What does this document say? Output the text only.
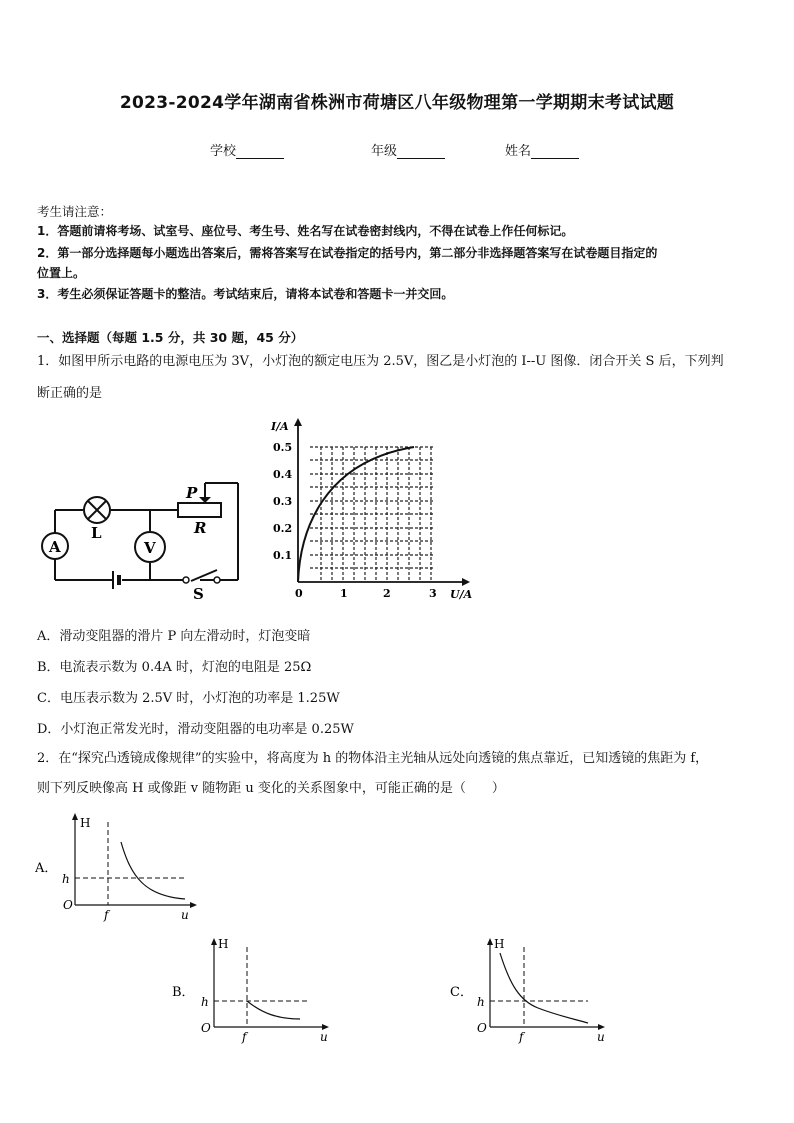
2023-2024学年湖南省株洲市荷塘区八年级物理第一学期期末考试试题
学校	年级	姓名
考生请注意：
1．答题前请将考场、试室号、座位号、考生号、姓名写在试卷密封线内，不得在试卷上作任何标记。
2．第一部分选择题每小题选出答案后，需将答案写在试卷指定的括号内，第二部分非选择题答案写在试卷题目指定的
位置上。
3．考生必须保证答题卡的整洁。考试结束后，请将本试卷和答题卡一并交回。
一、选择题（每题 1.5 分，共 30 题，45 分）
1．如图甲所示电路的电源电压为 3V，小灯泡的额定电压为 2.5V，图乙是小灯泡的 I--U 图像．闭合开关 S 后，下列判
断正确的是
A
L
V
P
R
S
I/A
U/A
0.5
0.4
0.3
0.2
0.1
0	1	2	3
A．滑动变阻器的滑片 P 向左滑动时，灯泡变暗
B．电流表示数为 0.4A 时，灯泡的电阻是 25Ω
C．电压表示数为 2.5V 时，小灯泡的功率是 1.25W
D．小灯泡正常发光时，滑动变阻器的电功率是 0.25W
2．在“探究凸透镜成像规律”的实验中，将高度为 h 的物体沿主光轴从远处向透镜的焦点靠近，已知透镜的焦距为 f，
则下列反映像高 H 或像距 v 随物距 u 变化的关系图象中，可能正确的是（　　）
A．
H
h
O
f	u
B．
H
h
O
f	u
C．
H
h
O
f	u
